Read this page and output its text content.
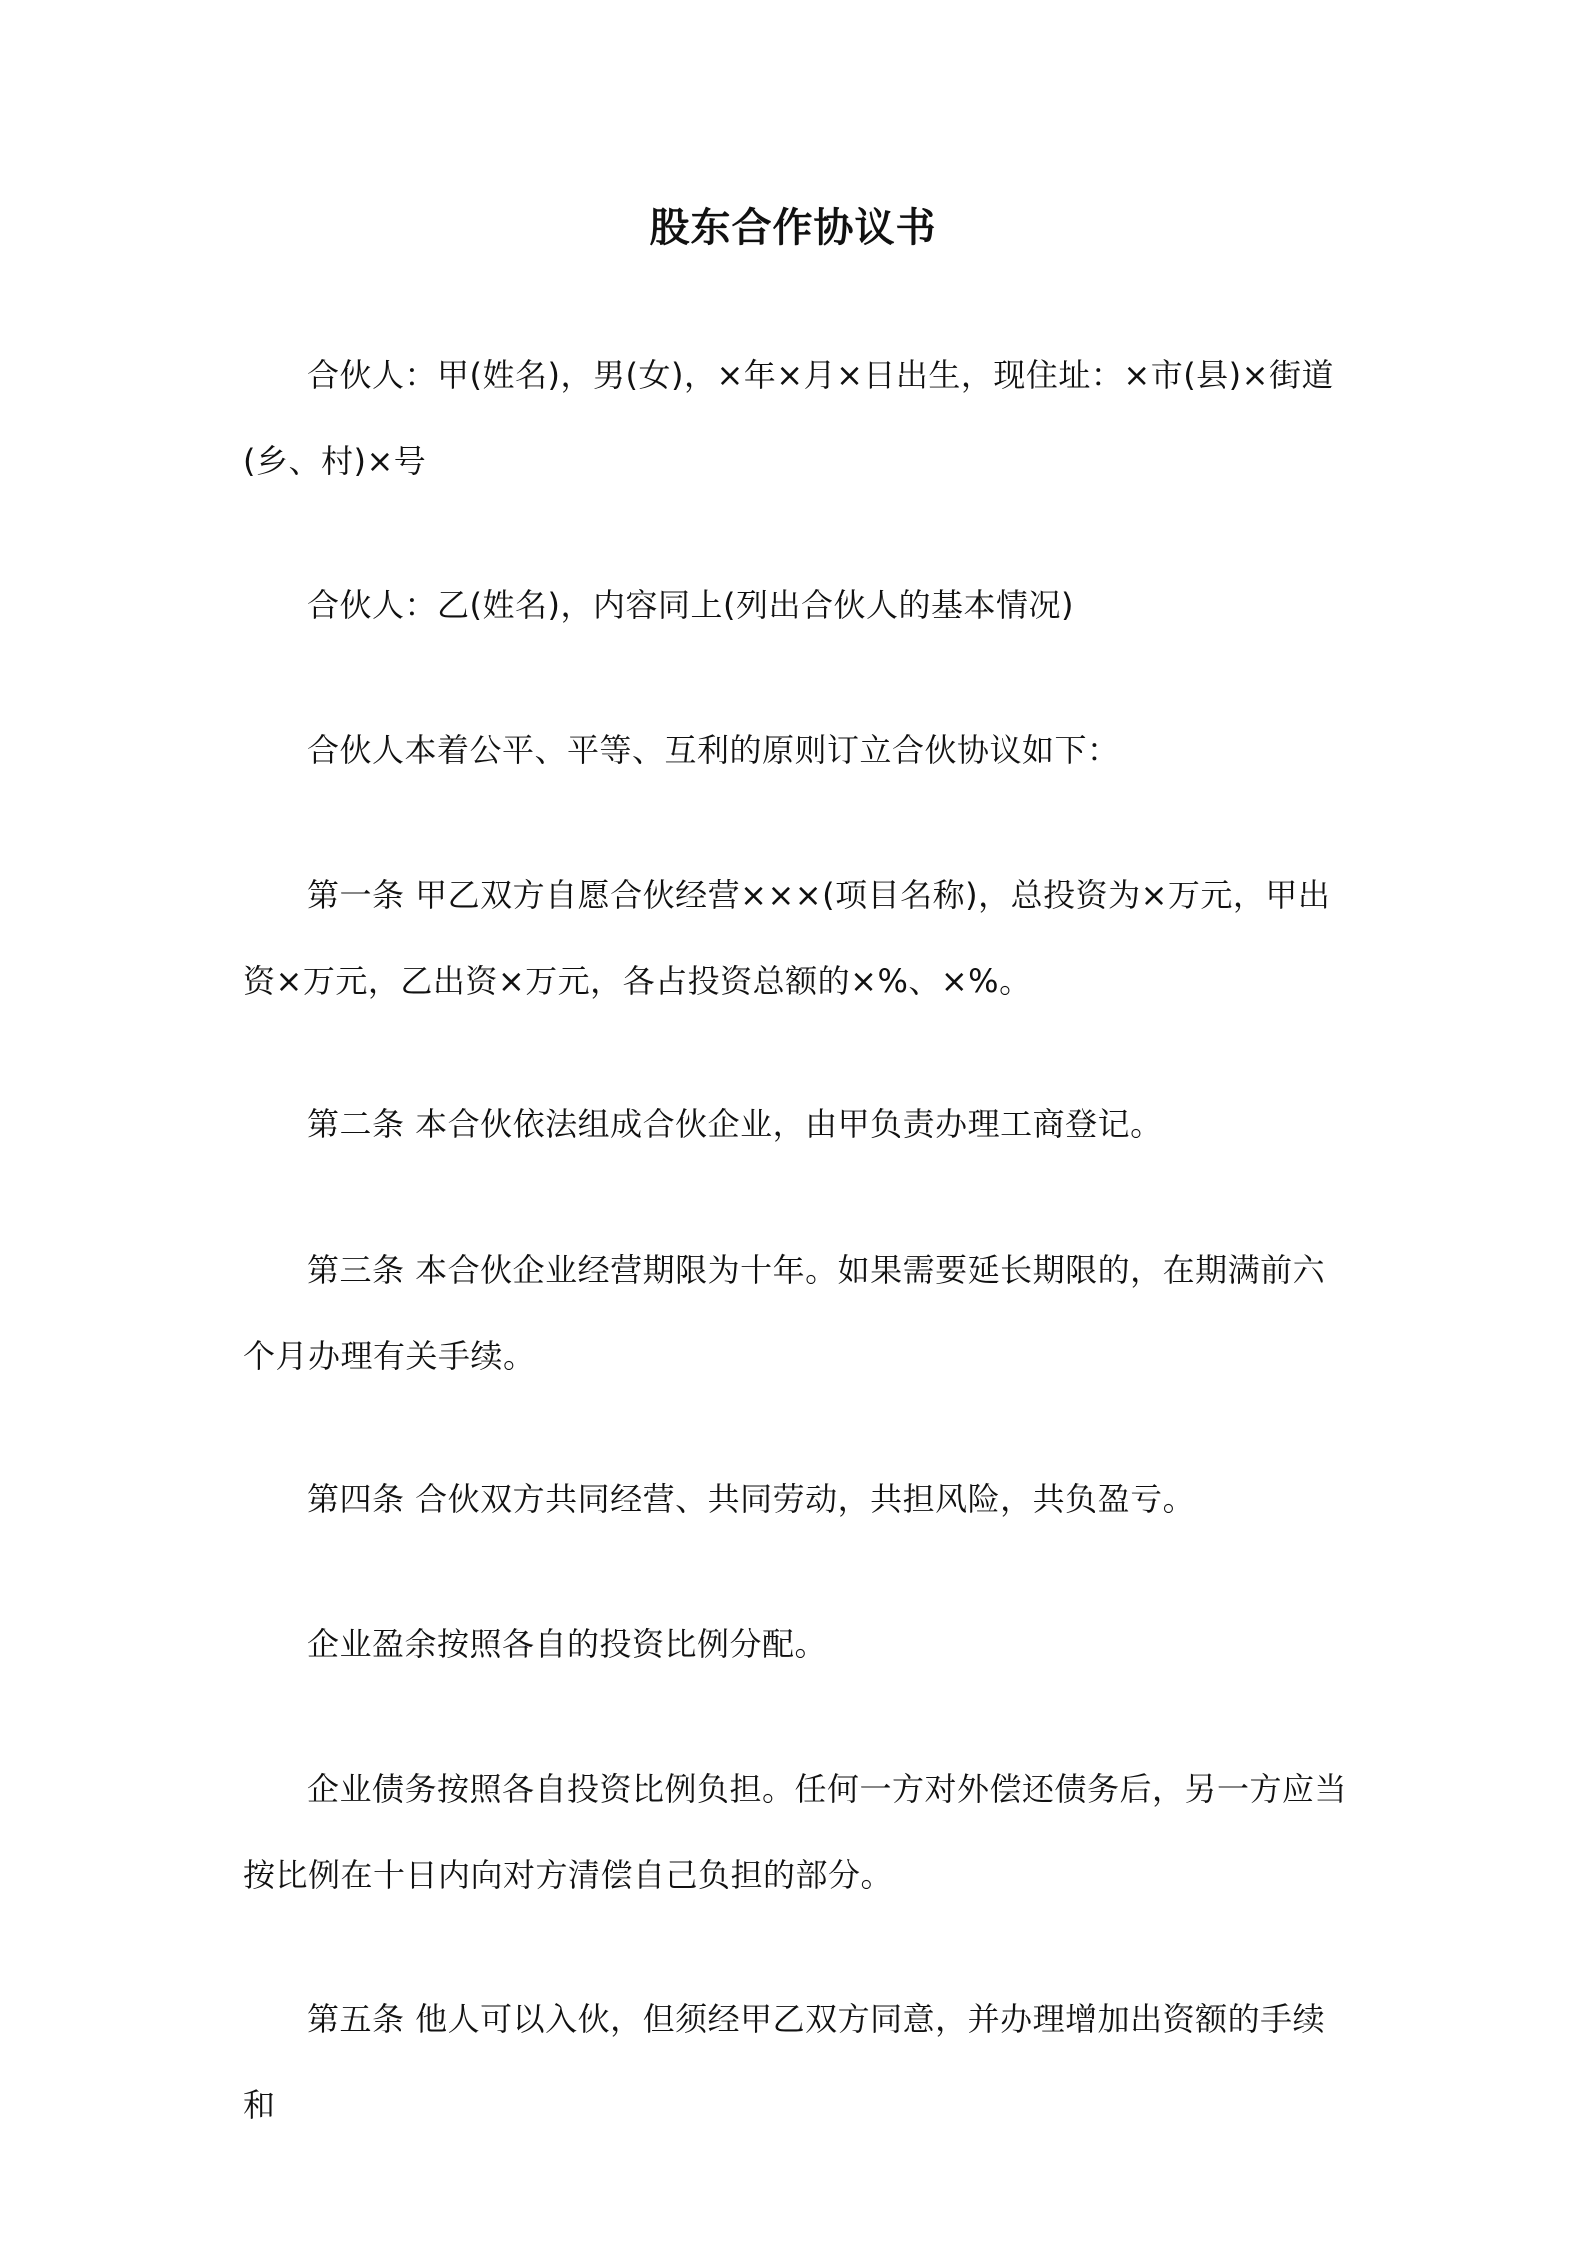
股东合作协议书

合伙人：甲(姓名)，男(女)，×年×月×日出生，现住址：×市(县)×街道(乡、村)×号

合伙人：乙(姓名)，内容同上(列出合伙人的基本情况)

合伙人本着公平、平等、互利的原则订立合伙协议如下：

第一条 甲乙双方自愿合伙经营×××(项目名称)，总投资为×万元，甲出资×万元，乙出资×万元，各占投资总额的×%、×%。

第二条 本合伙依法组成合伙企业，由甲负责办理工商登记。

第三条 本合伙企业经营期限为十年。如果需要延长期限的，在期满前六个月办理有关手续。

第四条 合伙双方共同经营、共同劳动，共担风险，共负盈亏。

企业盈余按照各自的投资比例分配。

企业债务按照各自投资比例负担。任何一方对外偿还债务后，另一方应当按比例在十日内向对方清偿自己负担的部分。

第五条 他人可以入伙，但须经甲乙双方同意，并办理增加出资额的手续和
